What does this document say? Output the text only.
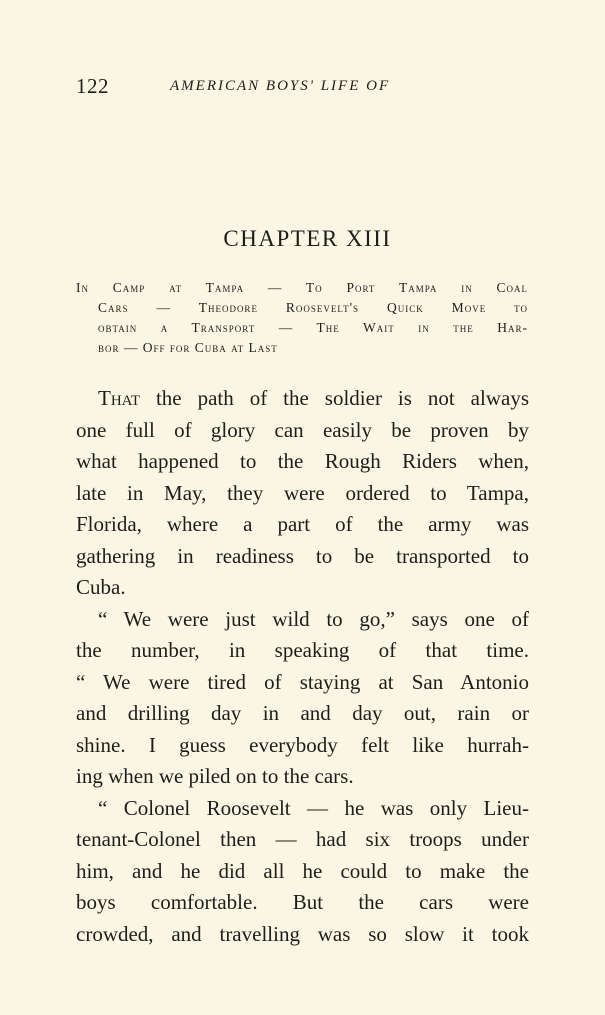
122	AMERICAN BOYS' LIFE OF
CHAPTER XIII
In Camp at Tampa — To Port Tampa in Coal
Cars — Theodore Roosevelt's Quick Move to
obtain a Transport — The Wait in the Har-
bor — Off for Cuba at Last
That the path of the soldier is not always
one full of glory can easily be proven by
what happened to the Rough Riders when,
late in May, they were ordered to Tampa,
Florida, where a part of the army was
gathering in readiness to be transported to
Cuba.
“ We were just wild to go,” says one of
the number, in speaking of that time.
“ We were tired of staying at San Antonio
and drilling day in and day out, rain or
shine. I guess everybody felt like hurrah-
ing when we piled on to the cars.
“ Colonel Roosevelt — he was only Lieu-
tenant-Colonel then — had six troops under
him, and he did all he could to make the
boys comfortable. But the cars were
crowded, and travelling was so slow it took
